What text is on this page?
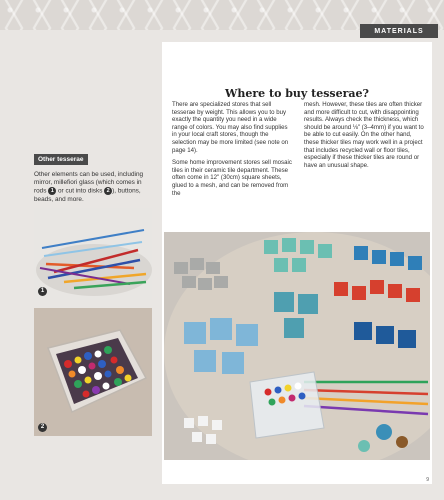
MATERIALS
Other tesserae

Other elements can be used, including mirror, millefiori glass (which comes in rods 1 or cut into disks 2 ), buttons, beads, and more.

1
2
Where to buy tesserae?

There are specialized stores that sell tesserae by weight. This allows you to buy exactly the quantity you need in a wide range of colors. You may also find supplies in your local craft stores, though the selection may be more limited (see note on page 14).

Some home improvement stores sell mosaic tiles in their ceramic tile department. These often come in 12" (30cm) square sheets, glued to a mesh, and can be removed from the

mesh. However, these tiles are often thicker and more difficult to cut, with disappointing results. Always check the thickness, which should be around ⅛" (3–4mm) if you want to be able to cut easily. On the other hand, these thicker tiles may work well in a project that includes recycled wall or floor tiles, especially if these thicker tiles are round or have an unusual shape.

9
